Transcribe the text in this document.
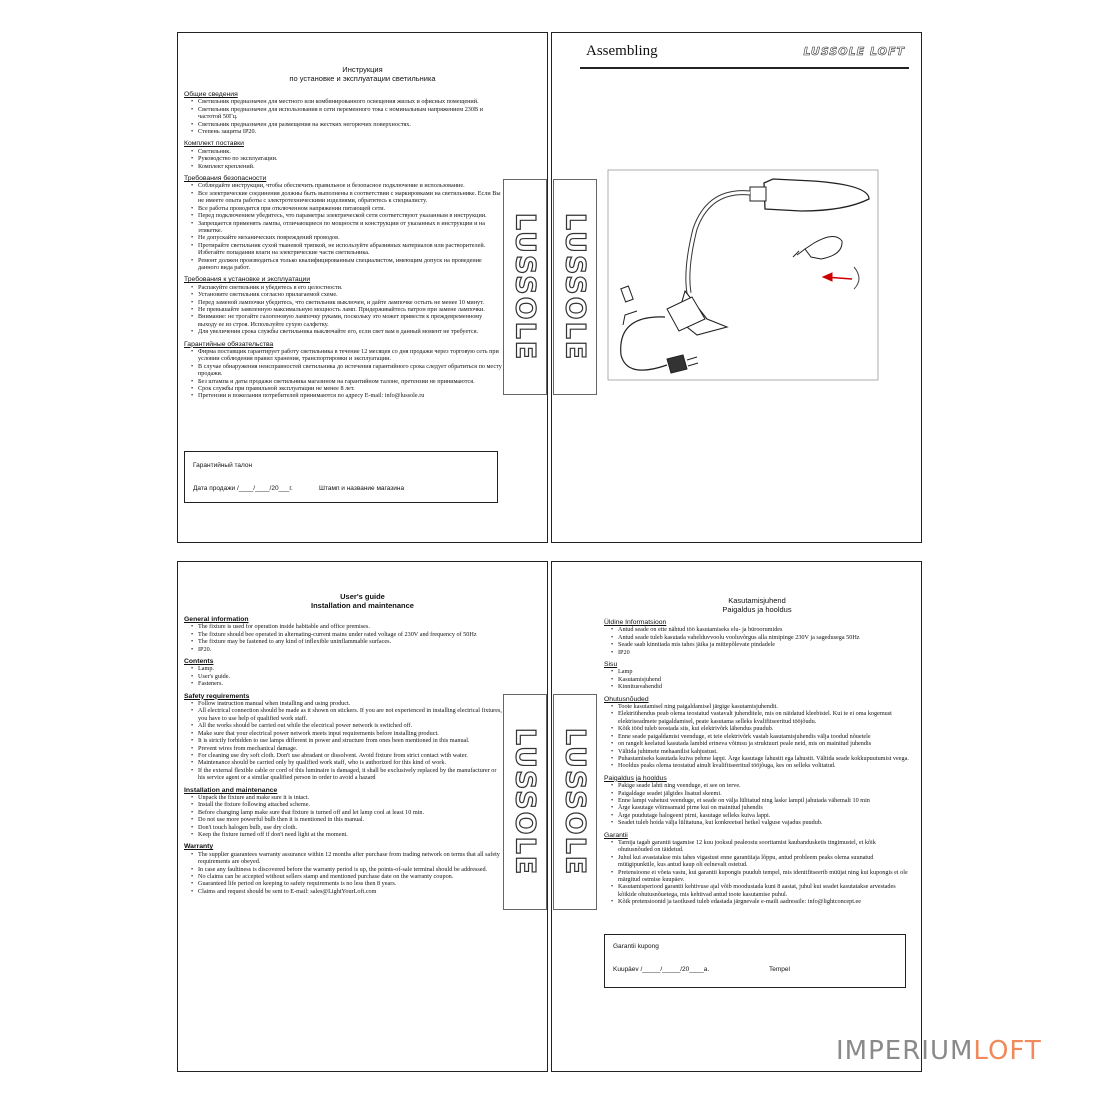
Инструкция
по установке и эксплуатации светильника
Общие сведения
• Светильник предназначен для местного или комбинированного освещения жилых и офисных помещений.
• Светильник предназначен для использования в сети переменного тока с номинальным напряжением 230В и частотой 50Гц.
• Светильник предназначен для размещения на жестких негорючих поверхностях.
• Степень защиты IP20.
Комплект поставки
• Светильник.
• Руководство по эксплуатации.
• Комплект креплений.
Требования безопасности
• Соблюдайте инструкции, чтобы обеспечить правильное и безопасное подключение и использование.
• Все электрические соединения должны быть выполнены в соответствии с маркировками на светильнике. Если Вы не имеете опыта работы с электротехническими изделиями, обратитесь к специалисту.
• Все работы проводятся при отключенном напряжении питающей сети.
• Перед подключением убедитесь, что параметры электрической сети соответствуют указанным в инструкции.
• Запрещается применять лампы, отличающиеся по мощности и конструкции от указанных в инструкции и на этикетке.
• Не допускайте механических повреждений проводов.
• Протирайте светильник сухой тканевой тряпкой, не используйте абразивных материалов или растворителей. Избегайте попадания влаги на электрические части светильника.
• Ремонт должен производиться только квалифицированным специалистом, имеющим допуск на проведение данного вида работ.
Требования к установке и эксплуатации
• Распакуйте светильник и убедитесь в его целостности.
• Установите светильник согласно прилагаемой схеме.
• Перед заменой лампочки убедитесь, что светильник выключен, и дайте лампочке остыть не менее 10 минут.
• Не превышайте заявленную максимальную мощность ламп. Придерживайтесь патрон при замене лампочки.
• Внимание: не трогайте галогеновую лампочку руками, поскольку это может привести к преждевременному выходу ее из строя. Используйте сухую салфетку.
• Для увеличения срока службы светильника выключайте его, если свет вам в данный момент не требуется.
Гарантийные обязательства
• Фирма поставщик гарантирует работу светильника в течение 12 месяцев со дня продажи через торговую сеть при условии соблюдения правил хранения, транспортировки и эксплуатации.
• В случае обнаружения неисправностей светильника до истечения гарантийного срока следует обратиться по месту продажи.
• Без штампа и даты продажи светильника магазином на гарантийном талоне, претензии не принимаются.
• Срок службы при правильной эксплуатации не менее 8 лет.
• Претензии и пожелания потребителей принимаются по адресу E-mail: info@lussole.ru
Гарантийный талон
Дата продажи /____/____/20___г.	Штамп и название магазина
LUSSOLE
Assembling	LUSSOLE LOFT
LUSSOLE
User's guide
Installation and maintenance
General information
• The fixture is used for operation inside habitable and office premises.
• The fixture should bee operated in alternating-current mains under rated voltage of 230V and frequency of 50Hz
• The fixture may be fastened to any kind of inflexible uninflammable surfaces.
• IP20.
Contents
• Lamp.
• User's guide.
• Fasteners.
Safety requirements
• Follow instruction manual when installing and using product.
• All electrical connection should be made as it shown on stickers. If you are not experienced in installing electrical fixtures, you have to use help of qualified work staff.
• All the works should be carried out while the electrical power network is switched off.
• Make sure that your electrical power network meets input requirements before installing product.
• It is strictly forbidden to use lamps different in power and structure from ones been mentioned in this manual.
• Prevent wires from mechanical damage.
• For cleaning use dry soft cloth. Don't use abradant or dissolvent. Avoid fixture from strict contact with water.
• Maintenance should be carried only by qualified work staff, who is authorized for this kind of work.
• If the external flexible cable or cord of this luminaire is damaged, it shall be exclusively replaced by the manufacturer or his service agent or a similar qualified person in order to avoid a hazard
Installation and maintenance
• Unpack the fixture and make sure it is intact.
• Install the fixture following attached scheme.
• Before changing lamp make sure that fixture is turned off and let lamp cool at least 10 min.
• Do not use more powerful bulb then it is mentioned in this manual.
• Don't touch halogen bulb, use dry cloth.
• Keep the fixture turned off if don't need light at the moment.
Warranty
• The supplier guarantees warranty assurance within 12 months after purchase from trading network on terms that all safety requirements are obeyed.
• In case any faultiness is discovered before the warranty period is up, the points-of-sale terminal should be addressed.
• No claims can be accepted without sellers stamp and mentioned purchase date on the warranty coupon.
• Guaranteed life period on keeping to safety requirements is no less then 8 years.
• Claims and request should be sent to E-mail: sales@LightYourLoft.com
LUSSOLE LUSSOLE
Kasutamisjuhend
Paigaldus ja hooldus
Üldine Informatsioon
• Antud seade on ette nähtud töö kasutamiseks elu- ja büroorumides
• Antud seade tuleb kasutada vahelduvvoolu vooluvõrgus alla nimipinge 230V ja sagedusega 50Hz
• Seade saab kinnitada mis tahes jäika ja mittepõlevate pindadele
• IP20
Sisu
• Lamp
• Kasutamisjuhend
• Kinnitusvahendid
Ohutusnõuded
• Toote kasutamisel ning paigaldamisel järgige kasutamisjuhendit.
• Elektriühendus peab olema teostatud vastavalt juhenditele, mis on näidatud kleebistel. Kui te ei oma kogemust elektriseadmete paigaldamisel, peate kasutama selleks kvalifitseeritud tööjõudu.
• Kõik tööd tuleb teostada siis, kui elektrivõrk lähendus puudub.
• Enne seade paigaldamist veenduge, et teie elektrivõrk vastab kasutamisjuhendis välja toodud nõuetele
• on rangelt keelatud kasutada lambid erineva võimsu ja struktuuri peale neid, mis on mainitud juhendis
• Vältida juhtmete mehaanilist kahjustust.
• Puhastamiseks kasutada kuiva pehme lappi. Ärge kasutage lahustit ega lahustit. Vältida seade kokkupuutumist veega.
• Hooldus peaks olema teostatud ainult kvalifitseeritud tööjõuga, kes on selleks volitatud.
Paigaldus ja hooldus
• Pakige seade lahti ning veenduge, et see on terve.
• Paigaldage seadet jälgides lisatud skeemi.
• Enne lampi vahetust veenduge, et seade on välja lülitatud ning laske lampil jahutada vähemalt 10 min
• Ärge kasutage võimsamaid pirne kui on mainitud juhendis
• Ärge puudutage halogeeni pirni, kasutage selleks kuiva lappi.
• Seadet tuleb hoida välja lülitatuna, kui konkreetsel hetkel valguse vajadus puudub.
Garantii
• Tarnija tagab garantii tagamise 12 kuu jooksul pealeostu sooritamist kaubandusketis tingimustel, et kõik ohutusnõuded on täidetud.
• Juhul kui avastatakse mis tahes vigastust enne garantiiaja lõppu, antud probleem peaks olema suunatud müügipunktile, kus antud kaup oli eelnevalt ostetud.
• Pretensioone ei võeta vastu, kui garantii kupongis puudub tempel, mis identifitseerib müüjat ning kui kupongis ei ole märgitud ostmise kuupäev.
• Kasutamisperiood garantii kehtivuse ajal võib moodustada kuni 8 aastat, juhul kui seadet kasutatakse arvestades kõikide ohutusnõuetega, mis kehtivad antud toote kasutamise puhul.
• Kõik pretensioonid ja taotlused tuleb edastada järgnevale e-maili aadressile: info@lightconcept.ee
Garantii kupong
Kuupäev /_____/_____/20____a.	Tempel
IMPERIUMLOFT
